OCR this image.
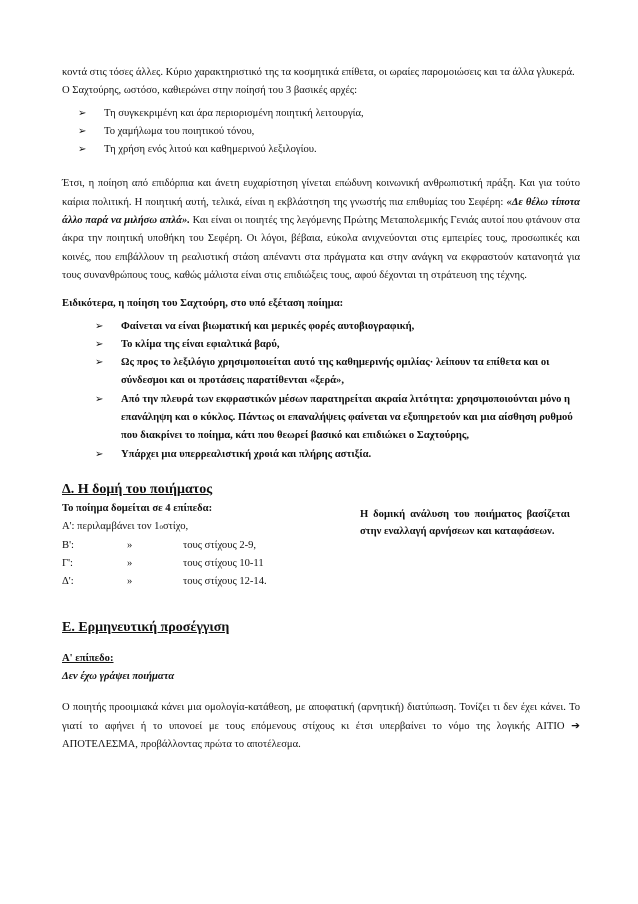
κοντά στις τόσες άλλες. Κύριο χαρακτηριστικό της τα κοσμητικά επίθετα, οι ωραίες παρομοιώσεις και τα άλλα γλυκερά.

Ο Σαχτούρης, ωστόσο, καθιερώνει στην ποίησή του 3 βασικές αρχές:

➢ Τη συγκεκριμένη και άρα περιορισμένη ποιητική λειτουργία,
➢ Το χαμήλωμα του ποιητικού τόνου,
➢ Τη χρήση ενός λιτού και καθημερινού λεξιλογίου.

Έτσι, η ποίηση από επιδόρπια και άνετη ευχαρίστηση γίνεται επώδυνη κοινωνική ανθρωπιστική πράξη. Και για τούτο καίρια πολιτική. Η ποιητική αυτή, τελικά, είναι η εκβλάστηση της γνωστής πια επιθυμίας του Σεφέρη: «Δε θέλω τίποτα άλλο παρά να μιλήσω απλά». Και είναι οι ποιητές της λεγόμενης Πρώτης Μεταπολεμικής Γενιάς αυτοί που φτάνουν στα άκρα την ποιητική υποθήκη του Σεφέρη. Οι λόγοι, βέβαια, εύκολα ανιχνεύονται στις εμπειρίες τους, προσωπικές και κοινές, που επιβάλλουν τη ρεαλιστική στάση απέναντι στα πράγματα και στην ανάγκη να εκφραστούν κατανοητά για τους συνανθρώπους τους, καθώς μάλιστα είναι στις επιδιώξεις τους, αφού δέχονται τη στράτευση της τέχνης.

Ειδικότερα, η ποίηση του Σαχτούρη, στο υπό εξέταση ποίημα:

➢ Φαίνεται να είναι βιωματική και μερικές φορές αυτοβιογραφική,
➢ Το κλίμα της είναι εφιαλτικά βαρύ,
➢ Ως προς το λεξιλόγιο χρησιμοποιείται αυτό της καθημερινής ομιλίας· λείπουν τα επίθετα και οι σύνδεσμοι και οι προτάσεις παρατίθενται «ξερά»,
➢ Από την πλευρά των εκφραστικών μέσων παρατηρείται ακραία λιτότητα: χρησιμοποιούνται μόνο η επανάληψη και ο κύκλος. Πάντως οι επαναλήψεις φαίνεται να εξυπηρετούν και μια αίσθηση ρυθμού που διακρίνει το ποίημα, κάτι που θεωρεί βασικό και επιδιώκει ο Σαχτούρης,
➢ Υπάρχει μια υπερρεαλιστική χροιά και πλήρης αστιξία.
Δ. Η δομή του ποιήματος
Το ποίημα δομείται σε 4 επίπεδα:
Α':
περιλαμβάνει τον 1 ο στίχο,
Β':	»	τους στίχους 2-9,
Γ':	»	τους στίχους 10-11
Δ':	»	τους στίχους 12-14.
Η δομική ανάλυση του ποιήματος βασίζεται στην εναλλαγή αρνήσεων και καταφάσεων.
Ε. Ερμηνευτική προσέγγιση
Α' επίπεδο:
Δεν έχω γράψει ποιήματα

Ο ποιητής προοιμιακά κάνει μια ομολογία-κατάθεση, με αποφατική (αρνητική) διατύπωση. Τονίζει τι δεν έχει κάνει. Το γιατί το αφήνει ή το υπονοεί με τους επόμενους στίχους κι έτσι υπερβαίνει το νόμο της λογικής ΑΙΤΙΟ ➔ ΑΠΟΤΕΛΕΣΜΑ, προβάλλοντας πρώτα το αποτέλεσμα.
